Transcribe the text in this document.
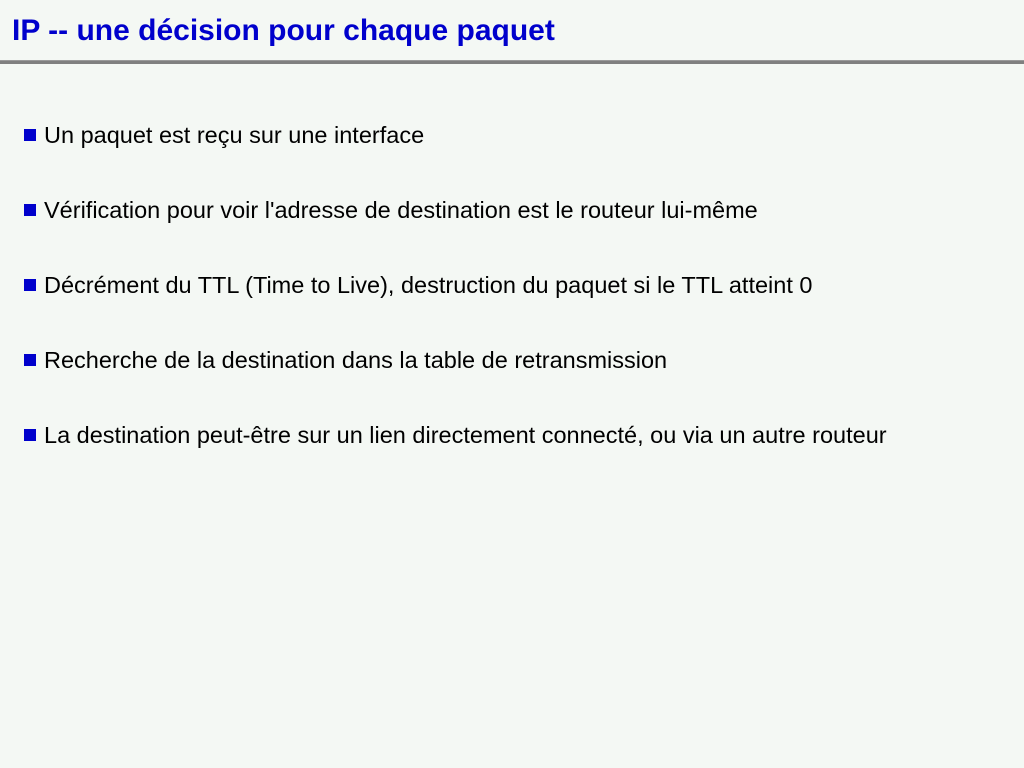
IP -- une décision pour chaque paquet
Un paquet est reçu sur une interface
Vérification pour voir l'adresse de destination est le routeur lui-même
Décrément du TTL (Time to Live), destruction du paquet si le TTL atteint 0
Recherche de la destination dans la table de retransmission
La destination peut-être sur un lien directement connecté, ou via un autre routeur
